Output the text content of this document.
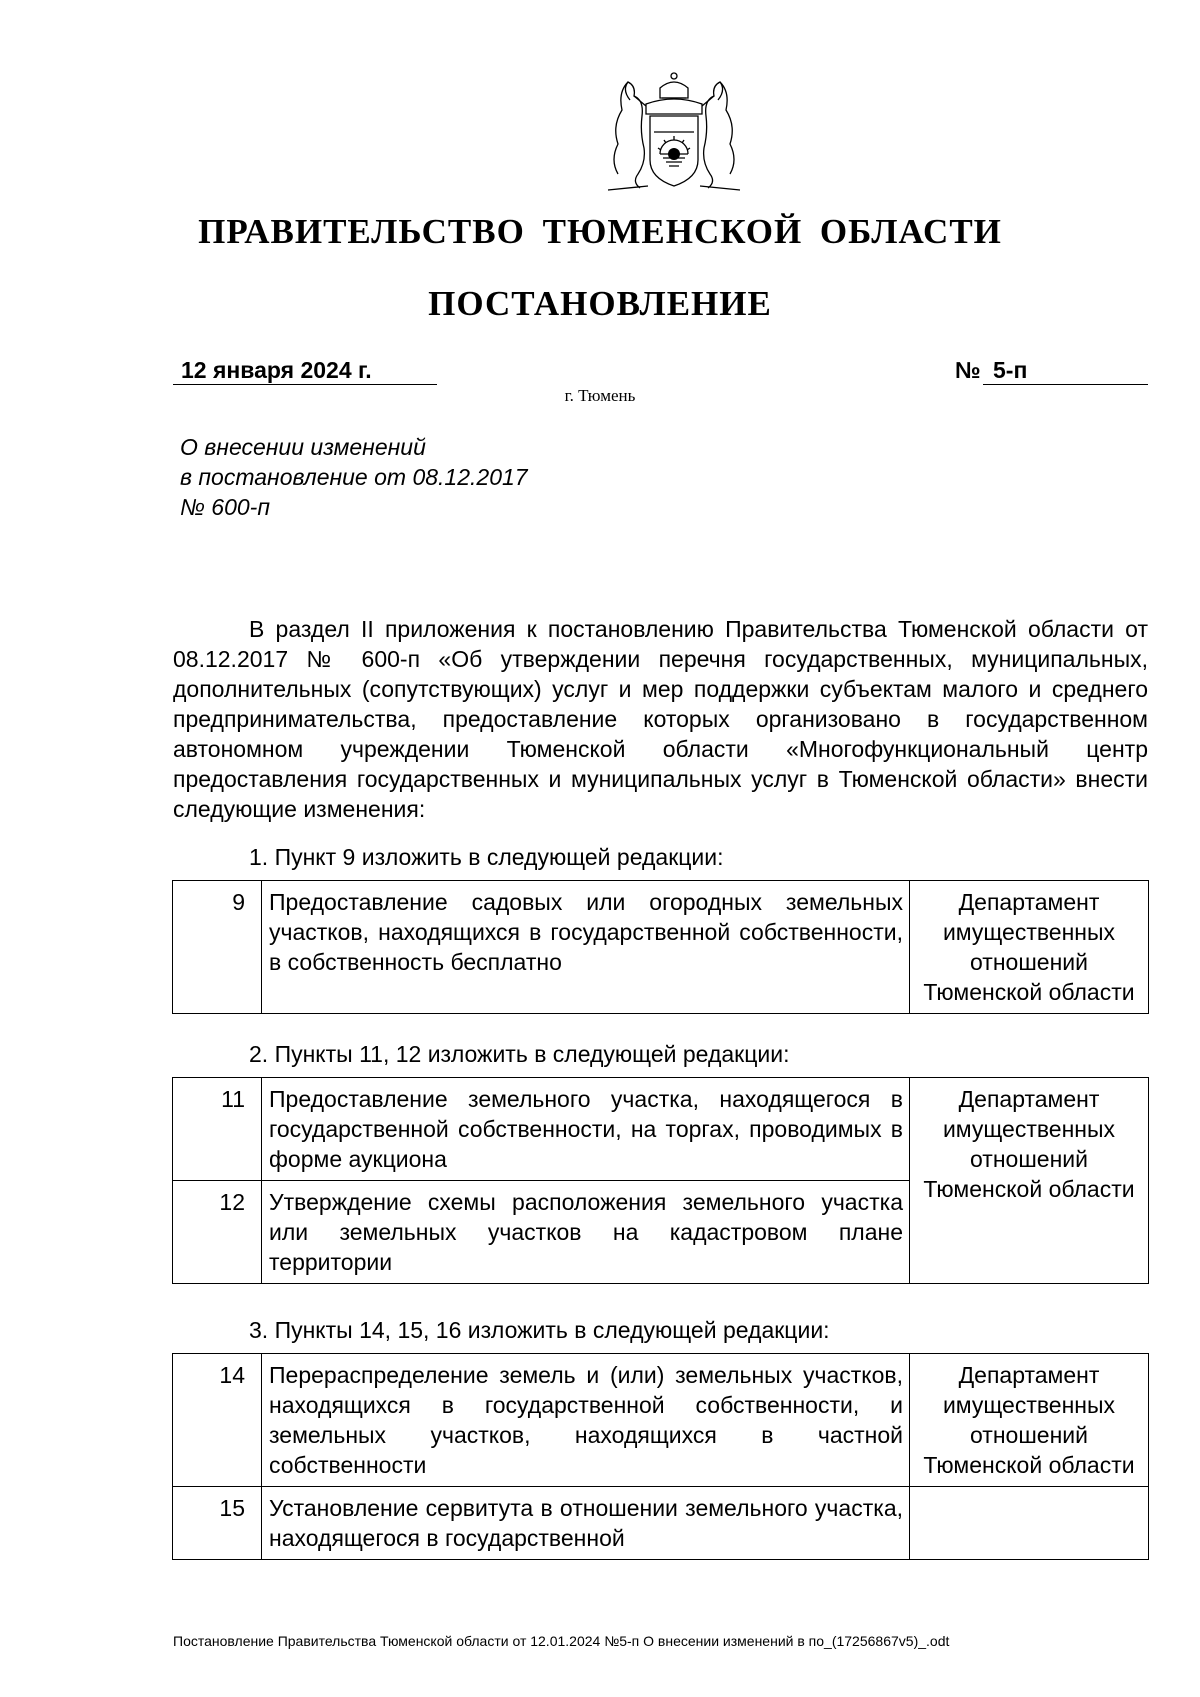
ПРАВИТЕЛЬСТВО ТЮМЕНСКОЙ ОБЛАСТИ
ПОСТАНОВЛЕНИЕ
12 января 2024 г.	№ 5-п
г. Тюмень
О внесении изменений
в постановление от 08.12.2017
№ 600-п
В раздел II приложения к постановлению Правительства Тюменской области от 08.12.2017 № 600-п «Об утверждении перечня государственных, муниципальных, дополнительных (сопутствующих) услуг и мер поддержки субъектам малого и среднего предпринимательства, предоставление которых организовано в государственном автономном учреждении Тюменской области «Многофункциональный центр предоставления государственных и муниципальных услуг в Тюменской области» внести следующие изменения:
1. Пункт 9 изложить в следующей редакции:
9	Предоставление садовых или огородных земельных участков, находящихся в государственной собственности, в собственность бесплатно	Департамент имущественных отношений Тюменской области
2. Пункты 11, 12 изложить в следующей редакции:
11	Предоставление земельного участка, находящегося в государственной собственности, на торгах, проводимых в форме аукциона	Департамент имущественных отношений Тюменской области
12	Утверждение схемы расположения земельного участка или земельных участков на кадастровом плане территории	
3. Пункты 14, 15, 16 изложить в следующей редакции:
14	Перераспределение земель и (или) земельных участков, находящихся в государственной собственности, и земельных участков, находящихся в частной собственности	Департамент имущественных отношений Тюменской области
15	Установление сервитута в отношении земельного участка, находящегося в государственной	
Постановление Правительства Тюменской области от 12.01.2024 №5-п О внесении изменений в по_(17256867v5)_.odt
